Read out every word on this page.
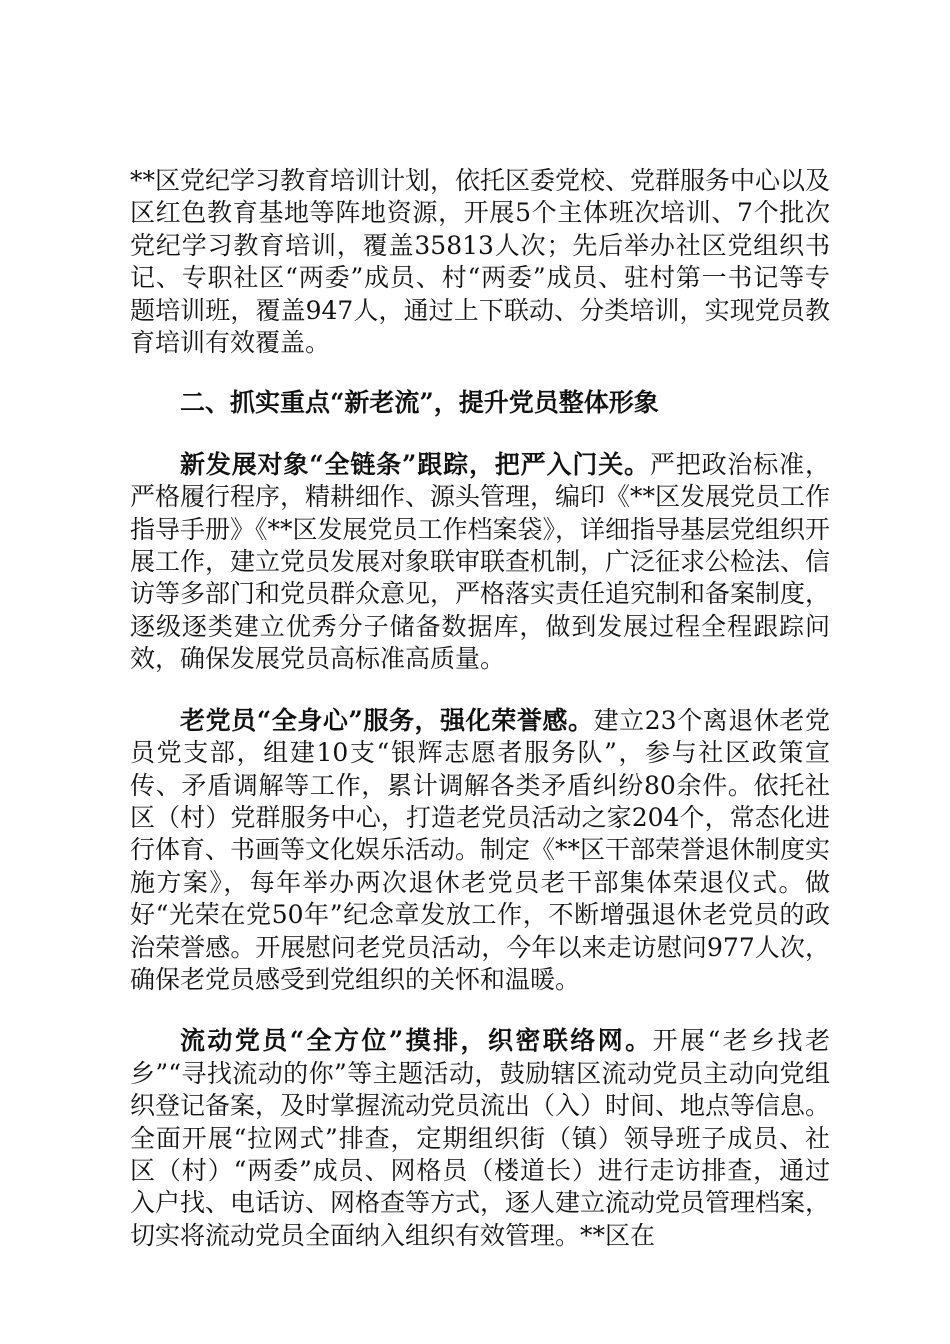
**区党纪学习教育培训计划，依托区委党校、党群服务中心以及区红色教育基地等阵地资源，开展5个主体班次培训、7个批次党纪学习教育培训，覆盖35813人次；先后举办社区党组织书记、专职社区“两委”成员、村“两委”成员、驻村第一书记等专题培训班，覆盖947人，通过上下联动、分类培训，实现党员教育培训有效覆盖。

二、抓实重点“新老流”，提升党员整体形象

新发展对象“全链条”跟踪，把严入门关。严把政治标准，严格履行程序，精耕细作、源头管理，编印《**区发展党员工作指导手册》《**区发展党员工作档案袋》，详细指导基层党组织开展工作，建立党员发展对象联审联查机制，广泛征求公检法、信访等多部门和党员群众意见，严格落实责任追究制和备案制度，逐级逐类建立优秀分子储备数据库，做到发展过程全程跟踪问效，确保发展党员高标准高质量。

老党员“全身心”服务，强化荣誉感。建立23个离退休老党员党支部，组建10支“银辉志愿者服务队”，参与社区政策宣传、矛盾调解等工作，累计调解各类矛盾纠纷80余件。依托社区（村）党群服务中心，打造老党员活动之家204个，常态化进行体育、书画等文化娱乐活动。制定《**区干部荣誉退休制度实施方案》，每年举办两次退休老党员老干部集体荣退仪式。做好“光荣在党50年”纪念章发放工作，不断增强退休老党员的政治荣誉感。开展慰问老党员活动，今年以来走访慰问977人次，确保老党员感受到党组织的关怀和温暖。

流动党员“全方位”摸排，织密联络网。开展“老乡找老乡”“寻找流动的你”等主题活动，鼓励辖区流动党员主动向党组织登记备案，及时掌握流动党员流出（入）时间、地点等信息。全面开展“拉网式”排查，定期组织街（镇）领导班子成员、社区（村）“两委”成员、网格员（楼道长）进行走访排查，通过入户找、电话访、网格查等方式，逐人建立流动党员管理档案，切实将流动党员全面纳入组织有效管理。**区在
